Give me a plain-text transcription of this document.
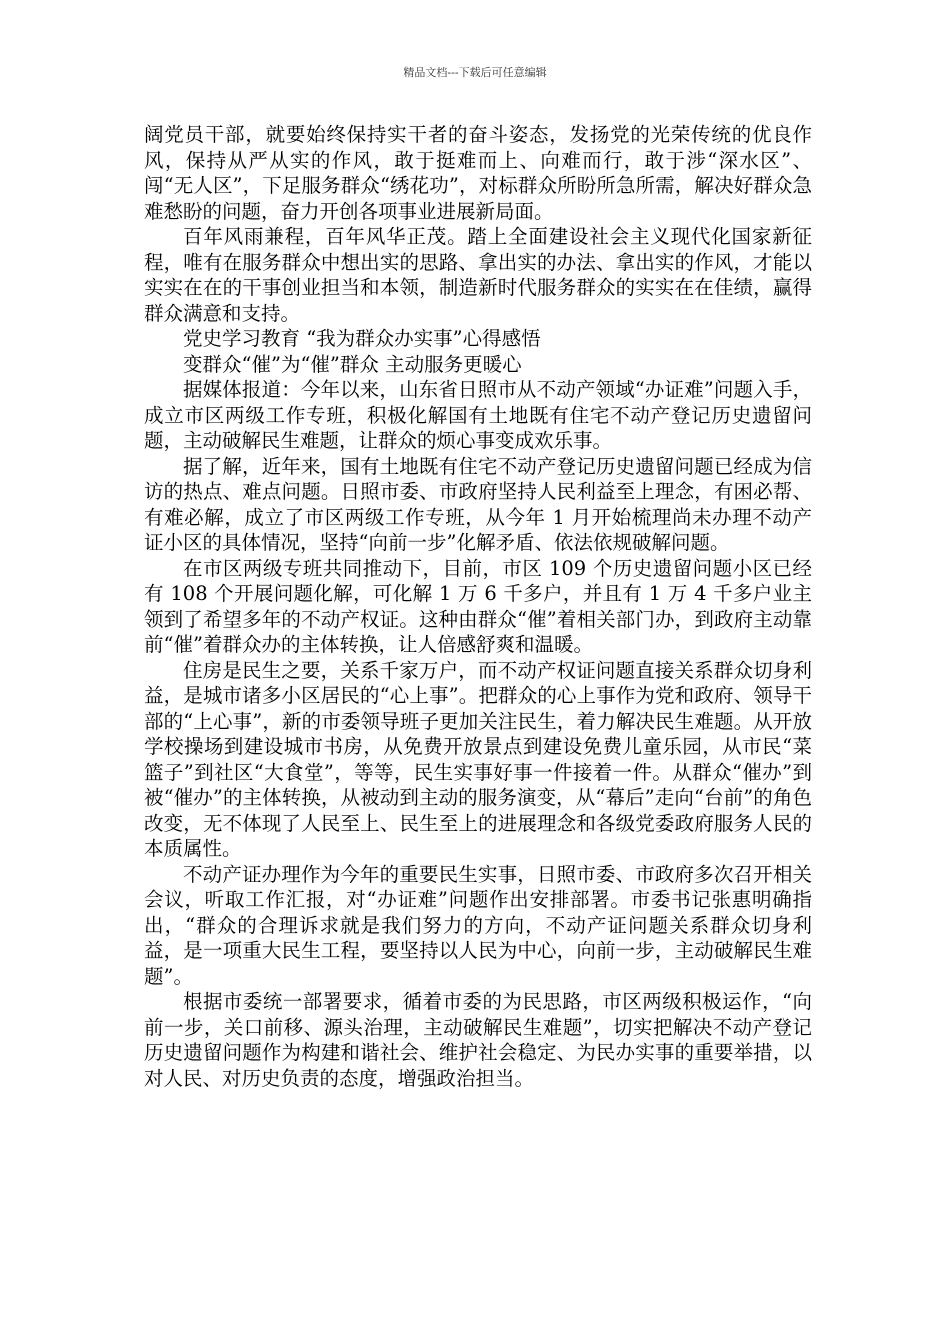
精品文档---下载后可任意编辑

阔党员干部，就要始终保持实干者的奋斗姿态，发扬党的光荣传统的优良作风，保持从严从实的作风，敢于挺难而上、向难而行，敢于涉“深水区”、闯“无人区”，下足服务群众“绣花功”，对标群众所盼所急所需，解决好群众急难愁盼的问题，奋力开创各项事业进展新局面。

百年风雨兼程，百年风华正茂。踏上全面建设社会主义现代化国家新征程，唯有在服务群众中想出实的思路、拿出实的办法、拿出实的作风，才能以实实在在的干事创业担当和本领，制造新时代服务群众的实实在在佳绩，赢得群众满意和支持。

党史学习教育 “我为群众办实事”心得感悟

变群众“催”为“催”群众 主动服务更暖心

据媒体报道：今年以来，山东省日照市从不动产领域“办证难”问题入手，成立市区两级工作专班，积极化解国有土地既有住宅不动产登记历史遗留问题，主动破解民生难题，让群众的烦心事变成欢乐事。

据了解，近年来，国有土地既有住宅不动产登记历史遗留问题已经成为信访的热点、难点问题。日照市委、市政府坚持人民利益至上理念，有困必帮、有难必解，成立了市区两级工作专班，从今年 1 月开始梳理尚未办理不动产证小区的具体情况，坚持“向前一步”化解矛盾、依法依规破解问题。

在市区两级专班共同推动下，目前，市区 109 个历史遗留问题小区已经有 108 个开展问题化解，可化解 1 万 6 千多户，并且有 1 万 4 千多户业主领到了希望多年的不动产权证。这种由群众“催”着相关部门办，到政府主动靠前“催”着群众办的主体转换，让人倍感舒爽和温暖。

住房是民生之要，关系千家万户，而不动产权证问题直接关系群众切身利益，是城市诸多小区居民的“心上事”。把群众的心上事作为党和政府、领导干部的“上心事”，新的市委领导班子更加关注民生，着力解决民生难题。从开放学校操场到建设城市书房，从免费开放景点到建设免费儿童乐园，从市民“菜篮子”到社区“大食堂”，等等，民生实事好事一件接着一件。从群众“催办”到被“催办”的主体转换，从被动到主动的服务演变，从“幕后”走向“台前”的角色改变，无不体现了人民至上、民生至上的进展理念和各级党委政府服务人民的本质属性。

不动产证办理作为今年的重要民生实事，日照市委、市政府多次召开相关会议，听取工作汇报，对“办证难”问题作出安排部署。市委书记张惠明确指出，“群众的合理诉求就是我们努力的方向，不动产证问题关系群众切身利益，是一项重大民生工程，要坚持以人民为中心，向前一步，主动破解民生难题”。

根据市委统一部署要求，循着市委的为民思路，市区两级积极运作，“向前一步，关口前移、源头治理，主动破解民生难题”，切实把解决不动产登记历史遗留问题作为构建和谐社会、维护社会稳定、为民办实事的重要举措，以对人民、对历史负责的态度，增强政治担当。
